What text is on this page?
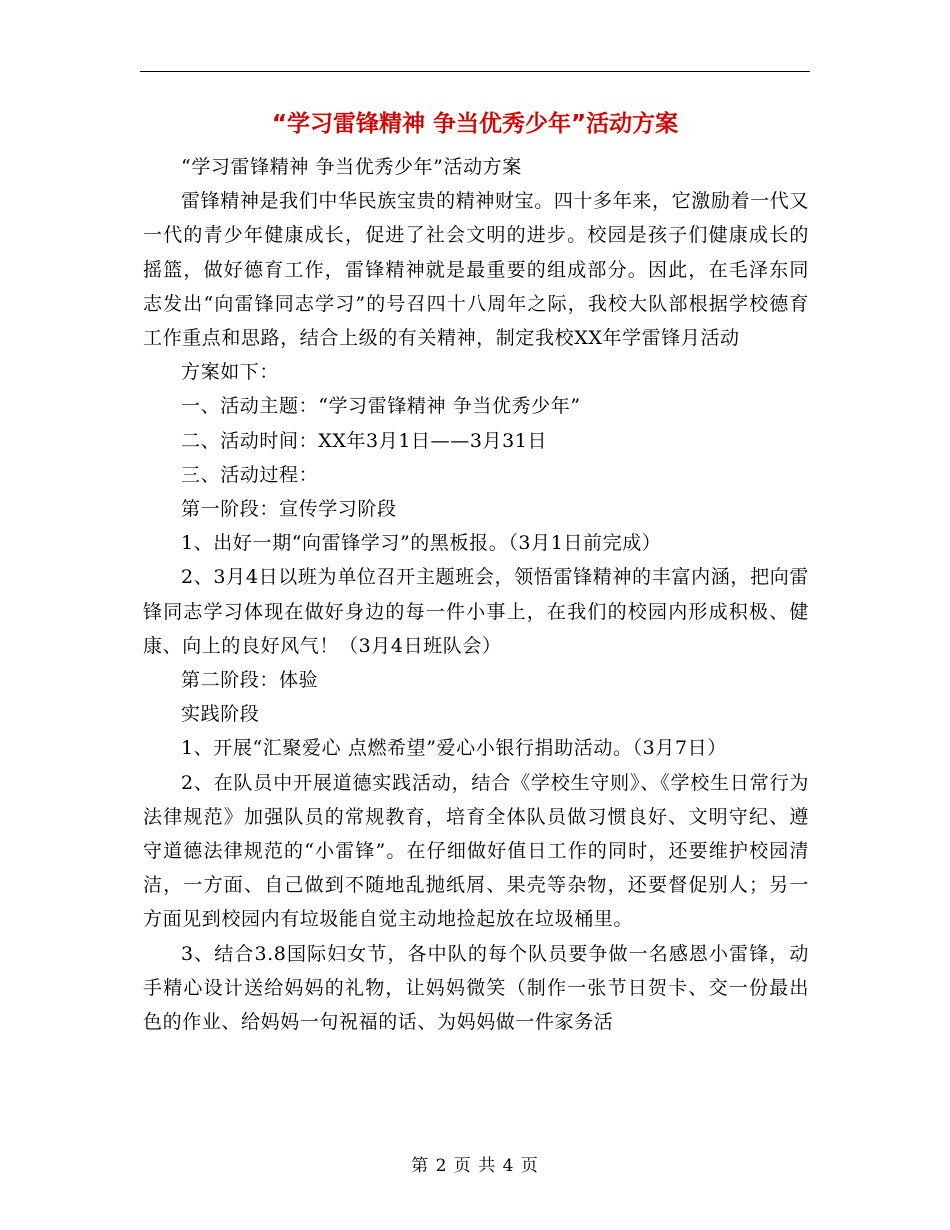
“学习雷锋精神 争当优秀少年”活动方案

“学习雷锋精神 争当优秀少年”活动方案

雷锋精神是我们中华民族宝贵的精神财宝。四十多年来，它激励着一代又一代的青少年健康成长，促进了社会文明的进步。校园是孩子们健康成长的摇篮，做好德育工作，雷锋精神就是最重要的组成部分。因此，在毛泽东同志发出“向雷锋同志学习”的号召四十八周年之际，我校大队部根据学校德育工作重点和思路，结合上级的有关精神，制定我校XX年学雷锋月活动

方案如下：

一、活动主题：“学习雷锋精神 争当优秀少年”

二、活动时间：XX年3月1日——3月31日

三、活动过程：

第一阶段：宣传学习阶段

1、出好一期“向雷锋学习”的黑板报。（3月1日前完成）

2、3月4日以班为单位召开主题班会，领悟雷锋精神的丰富内涵，把向雷锋同志学习体现在做好身边的每一件小事上，在我们的校园内形成积极、健康、向上的良好风气！（3月4日班队会）

第二阶段：体验

实践阶段

1、开展“汇聚爱心 点燃希望”爱心小银行捐助活动。（3月7日）

2、在队员中开展道德实践活动，结合《学校生守则》、《学校生日常行为法律规范》加强队员的常规教育，培育全体队员做习惯良好、文明守纪、遵守道德法律规范的“小雷锋”。在仔细做好值日工作的同时，还要维护校园清洁，一方面、自己做到不随地乱抛纸屑、果壳等杂物，还要督促别人；另一方面见到校园内有垃圾能自觉主动地捡起放在垃圾桶里。

3、结合3.8国际妇女节，各中队的每个队员要争做一名感恩小雷锋，动手精心设计送给妈妈的礼物，让妈妈微笑（制作一张节日贺卡、交一份最出色的作业、给妈妈一句祝福的话、为妈妈做一件家务活

第 2 页 共 4 页
